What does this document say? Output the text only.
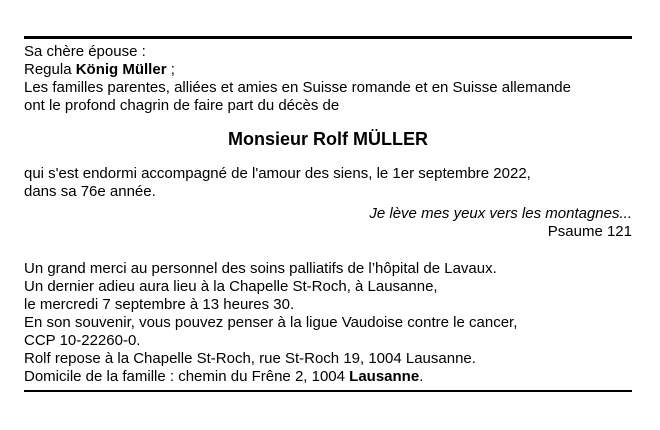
Sa chère épouse :
Regula König Müller ;
Les familles parentes, alliées et amies en Suisse romande et en Suisse allemande
ont le profond chagrin de faire part du décès de
Monsieur Rolf MÜLLER
qui s'est endormi accompagné de l'amour des siens, le 1er septembre 2022,
dans sa 76e année.
Je lève mes yeux vers les montagnes...
Psaume 121
Un grand merci au personnel des soins palliatifs de l’hôpital de Lavaux.
Un dernier adieu aura lieu à la Chapelle St-Roch, à Lausanne,
le mercredi 7 septembre à 13 heures 30.
En son souvenir, vous pouvez penser à la ligue Vaudoise contre le cancer,
CCP 10-22260-0.
Rolf repose à la Chapelle St-Roch, rue St-Roch 19, 1004 Lausanne.
Domicile de la famille : chemin du Frêne 2, 1004 Lausanne.
